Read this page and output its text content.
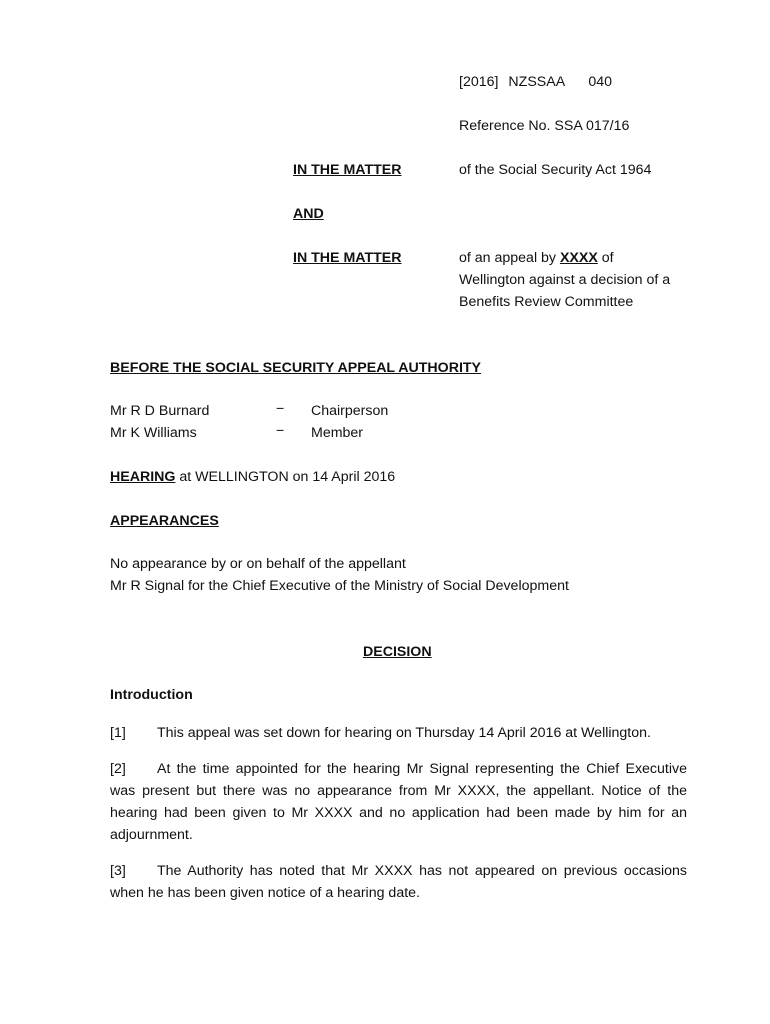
[2016] NZSSAA 040
Reference No. SSA 017/16
IN THE MATTER	of the Social Security Act 1964
AND
IN THE MATTER	of an appeal by XXXX of
Wellington against a decision of a
Benefits Review Committee
BEFORE THE SOCIAL SECURITY APPEAL AUTHORITY
Mr R D Burnard	− Chairperson
Mr K Williams	− Member
HEARING at WELLINGTON on 14 April 2016
APPEARANCES
No appearance by or on behalf of the appellant
Mr R Signal for the Chief Executive of the Ministry of Social Development
DECISION
Introduction
[1] This appeal was set down for hearing on Thursday 14 April 2016 at Wellington.
[2] At the time appointed for the hearing Mr Signal representing the Chief Executive was present but there was no appearance from Mr XXXX, the appellant. Notice of the hearing had been given to Mr XXXX and no application had been made by him for an adjournment.
[3] The Authority has noted that Mr XXXX has not appeared on previous occasions when he has been given notice of a hearing date.
